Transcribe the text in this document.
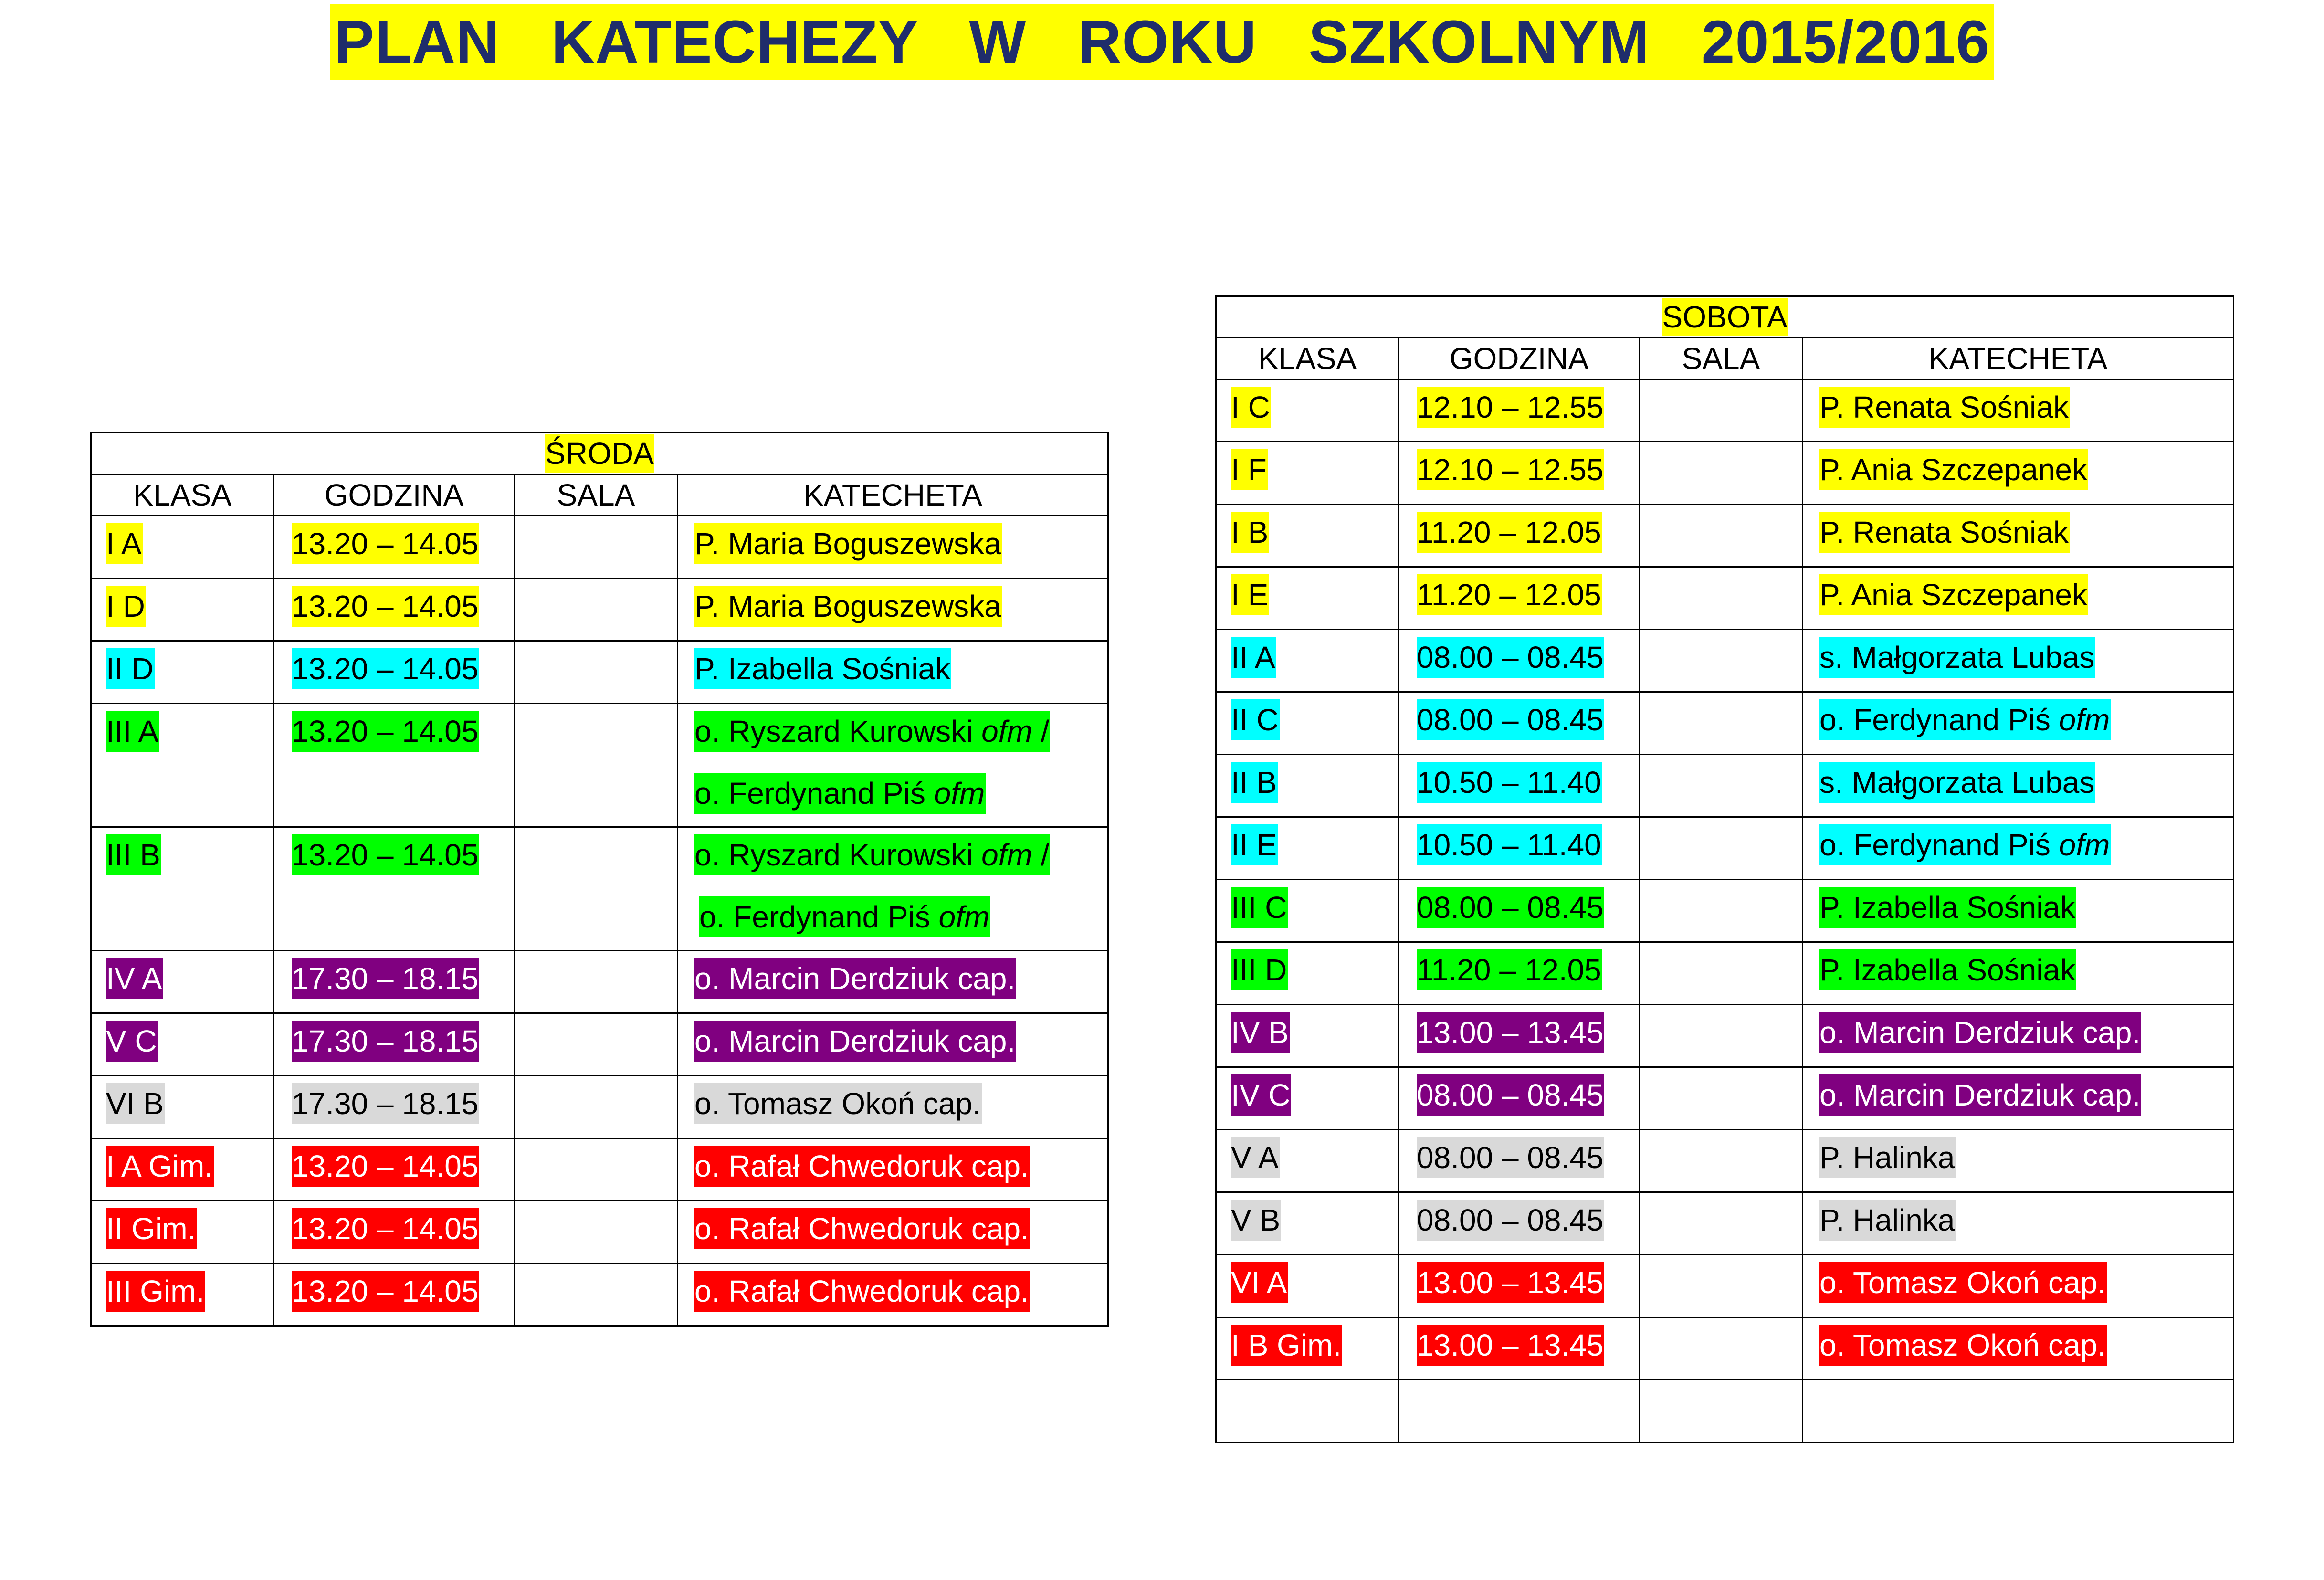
PLAN   KATECHEZY   W   ROKU   SZKOLNYM   2015/2016
ŚRODA			
KLASA	GODZINA	SALA	KATECHETA

I A	13.20 – 14.05		P. Maria Boguszewska

I D	13.20 – 14.05		P. Maria Boguszewska

II D	13.20 – 14.05		P. Izabella Sośniak

III A	13.20 – 14.05		o. Ryszard Kurowski ofm /
o. Ferdynand Piś ofm

III B	13.20 – 14.05		o. Ryszard Kurowski ofm /
o. Ferdynand Piś ofm

IV A	17.30 – 18.15		o. Marcin Derdziuk cap.

V C	17.30 – 18.15		o. Marcin Derdziuk cap.

VI B	17.30 – 18.15		o. Tomasz Okoń cap.

I A Gim.	13.20 – 14.05		o. Rafał Chwedoruk cap.

II Gim.	13.20 – 14.05		o. Rafał Chwedoruk cap.

III Gim.	13.20 – 14.05		o. Rafał Chwedoruk cap.
SOBOTA			
KLASA	GODZINA	SALA	KATECHETA

I C	12.10 – 12.55		P. Renata Sośniak

I F	12.10 – 12.55		P. Ania Szczepanek

I B	11.20 – 12.05		P. Renata Sośniak

I E	11.20 – 12.05		P. Ania Szczepanek

II A	08.00 – 08.45		s. Małgorzata Lubas

II C	08.00 – 08.45		o. Ferdynand Piś ofm

II B	10.50 – 11.40		s. Małgorzata Lubas

II E	10.50 – 11.40		o. Ferdynand Piś ofm

III C	08.00 – 08.45		P. Izabella Sośniak

III D	11.20 – 12.05		P. Izabella Sośniak

IV B	13.00 – 13.45		o. Marcin Derdziuk cap.

IV C	08.00 – 08.45		o. Marcin Derdziuk cap.

V A	08.00 – 08.45		P. Halinka

V B	08.00 – 08.45		P. Halinka

VI A	13.00 – 13.45		o. Tomasz Okoń cap.

I B Gim.	13.00 – 13.45		o. Tomasz Okoń cap.
